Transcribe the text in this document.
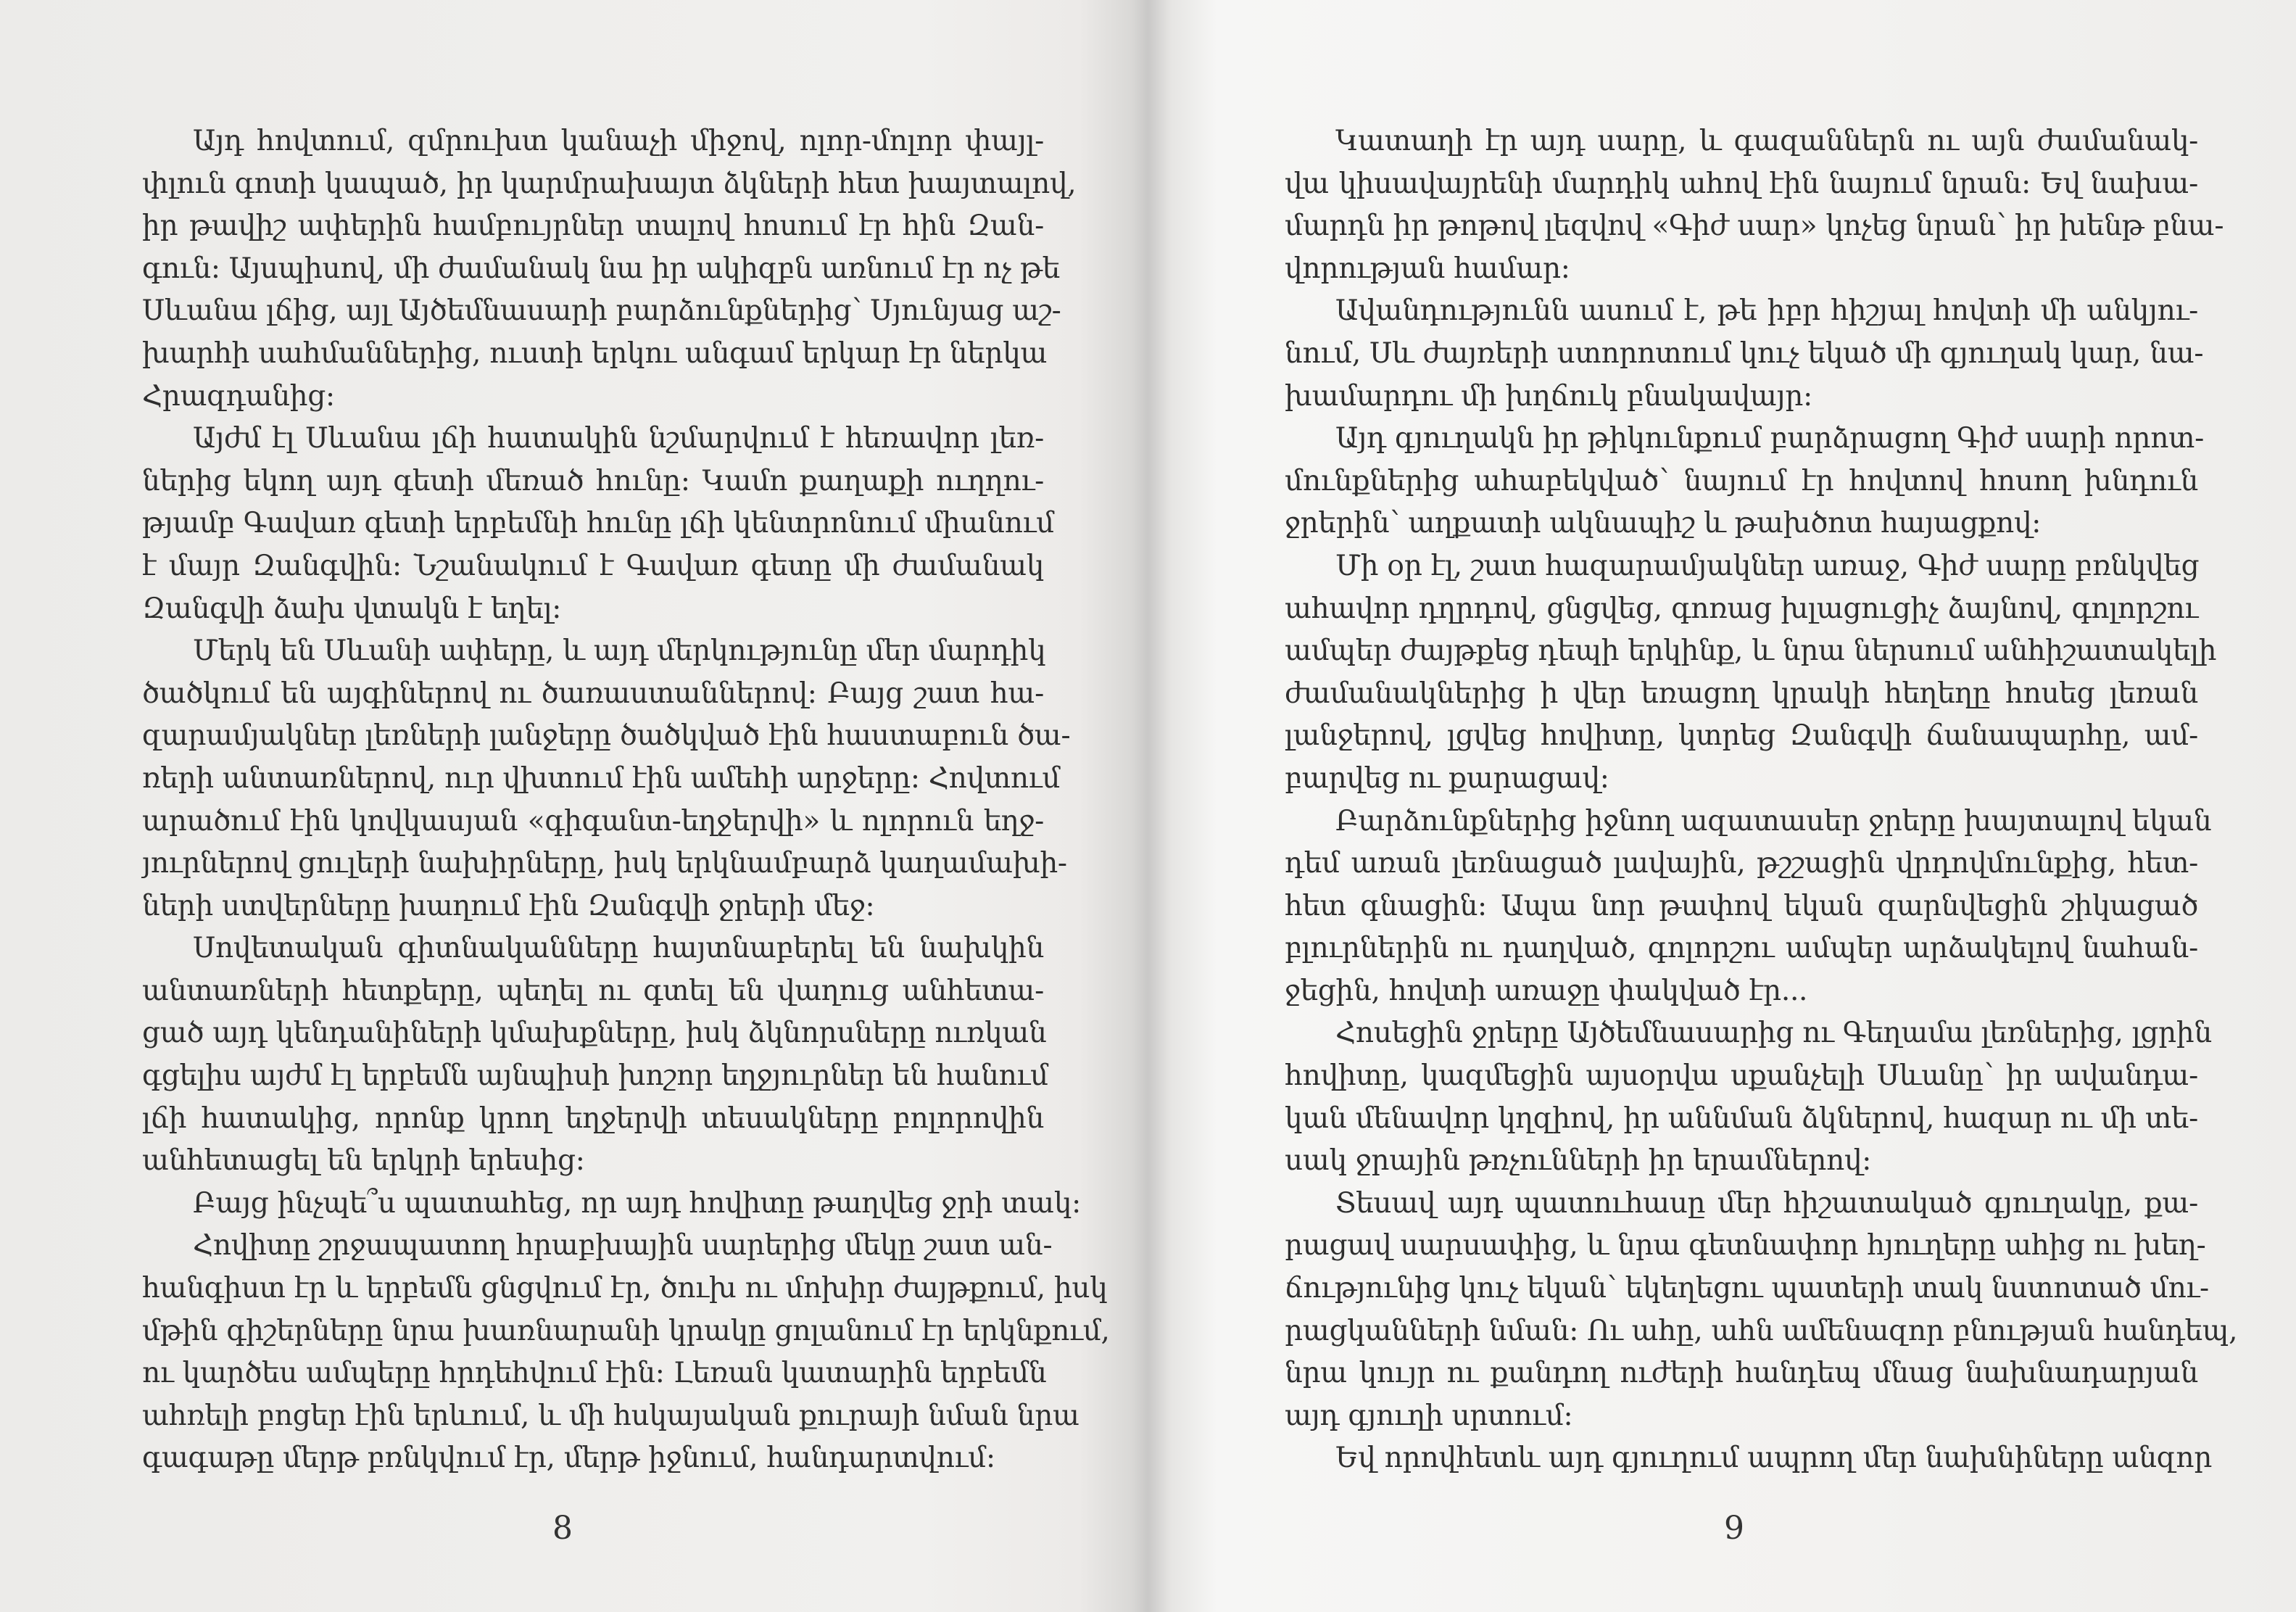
Այդ հովտում, զմրուխտ կանաչի միջով, ոլոր-մոլոր փայլ-
փլուն գոտի կապած, իր կարմրախայտ ձկների հետ խայտալով,
իր թավիշ ափերին համբույրներ տալով հոսում էր հին Զան-
գուն: Այսպիսով, մի ժամանակ նա իր ակիզբն առնում էր ոչ թե
Սևանա լճից, այլ Այծեմնասարի բարձունքներից՝ Սյունյաց աշ-
խարհի սահմաններից, ուստի երկու անգամ երկար էր ներկա
Հրազդանից:
Այժմ էլ Սևանա լճի հատակին նշմարվում է հեռավոր լեռ-
ներից եկող այդ գետի մեռած հունը: Կամո քաղաքի ուղղու-
թյամբ Գավառ գետի երբեմնի հունը լճի կենտրոնում միանում
է մայր Զանգվին: Նշանակում է Գավառ գետը մի ժամանակ
Զանգվի ձախ վտակն է եղել:
Մերկ են Սևանի ափերը, և այդ մերկությունը մեր մարդիկ
ծածկում են այգիներով ու ծառաստաններով: Բայց շատ հա-
զարամյակներ լեռների լանջերը ծածկված էին հաստաբուն ծա-
ռերի անտառներով, ուր վխտում էին ամեհի արջերը: Հովտում
արածում էին կովկասյան «գիգանտ-եղջերվի» և ոլորուն եղջ-
յուրներով ցուլերի նախիրները, իսկ երկնամբարձ կաղամախի-
ների ստվերները խաղում էին Զանգվի ջրերի մեջ:
Սովետական գիտնականները հայտնաբերել են նախկին
անտառների հետքերը, պեղել ու գտել են վաղուց անհետա-
ցած այդ կենդանիների կմախքները, իսկ ձկնորսները ուռկան
գցելիս այժմ էլ երբեմն այնպիսի խոշոր եղջյուրներ են հանում
լճի հատակից, որոնք կրող եղջերվի տեսակները բոլորովին
անհետացել են երկրի երեսից:
Բայց ինչպե՞ս պատահեց, որ այդ հովիտը թաղվեց ջրի տակ:
Հովիտը շրջապատող հրաբխային սարերից մեկը շատ ան-
հանգիստ էր և երբեմն ցնցվում էր, ծուխ ու մոխիր ժայթքում, իսկ
մթին գիշերները նրա խառնարանի կրակը ցոլանում էր երկնքում,
ու կարծես ամպերը հրդեհվում էին: Լեռան կատարին երբեմն
ահռելի բոցեր էին երևում, և մի հսկայական քուրայի նման նրա
գագաթը մերթ բռնկվում էր, մերթ իջնում, հանդարտվում:
Կատաղի էր այդ սարը, և գազաններն ու այն ժամանակ-
վա կիսավայրենի մարդիկ ահով էին նայում նրան: Եվ նախա-
մարդն իր թոթով լեզվով «Գիժ սար» կոչեց նրան՝ իր խենթ բնա-
վորության համար:
Ավանդությունն ասում է, թե իբր հիշյալ հովտի մի անկյու-
նում, Սև ժայռերի ստորոտում կուչ եկած մի գյուղակ կար, նա-
խամարդու մի խղճուկ բնակավայր:
Այդ գյուղակն իր թիկունքում բարձրացող Գիժ սարի որոտ-
մունքներից ահաբեկված՝ նայում էր հովտով հոսող խնդուն
ջրերին՝ աղքատի ակնապիշ և թախծոտ հայացքով:
Մի օր էլ, շատ հազարամյակներ առաջ, Գիժ սարը բռնկվեց
ահավոր դղրդով, ցնցվեց, գոռաց խլացուցիչ ձայնով, գոլորշու
ամպեր ժայթքեց դեպի երկինք, և նրա ներսում անհիշատակելի
ժամանակներից ի վեր եռացող կրակի հեղեղը հոսեց լեռան
լանջերով, լցվեց հովիտը, կտրեց Զանգվի ճանապարհը, ամ-
բարվեց ու քարացավ:
Բարձունքներից իջնող ազատասեր ջրերը խայտալով եկան
դեմ առան լեռնացած լավային, թշշացին վրդովմունքից, հետ-
հետ գնացին: Ապա նոր թափով եկան զարնվեցին շիկացած
բլուրներին ու դաղված, գոլորշու ամպեր արձակելով նահան-
ջեցին, հովտի առաջը փակված էր...
Հոսեցին ջրերը Այծեմնասարից ու Գեղամա լեռներից, լցրին
հովիտը, կազմեցին այսօրվա սքանչելի Սևանը՝ իր ավանդա-
կան մենավոր կղզիով, իր աննման ձկներով, հազար ու մի տե-
սակ ջրային թռչունների իր երամներով:
Տեսավ այդ պատուհասը մեր հիշատակած գյուղակը, քա-
րացավ սարսափից, և նրա գետնափոր հյուղերը ահից ու խեղ-
ճությունից կուչ եկան՝ եկեղեցու պատերի տակ նստոտած մու-
րացկանների նման: Ու ահը, ահն ամենազոր բնության հանդեպ,
նրա կույր ու քանդող ուժերի հանդեպ մնաց նախնադարյան
այդ գյուղի սրտում:
Եվ որովհետև այդ գյուղում ապրող մեր նախնիները անզոր
8	9
